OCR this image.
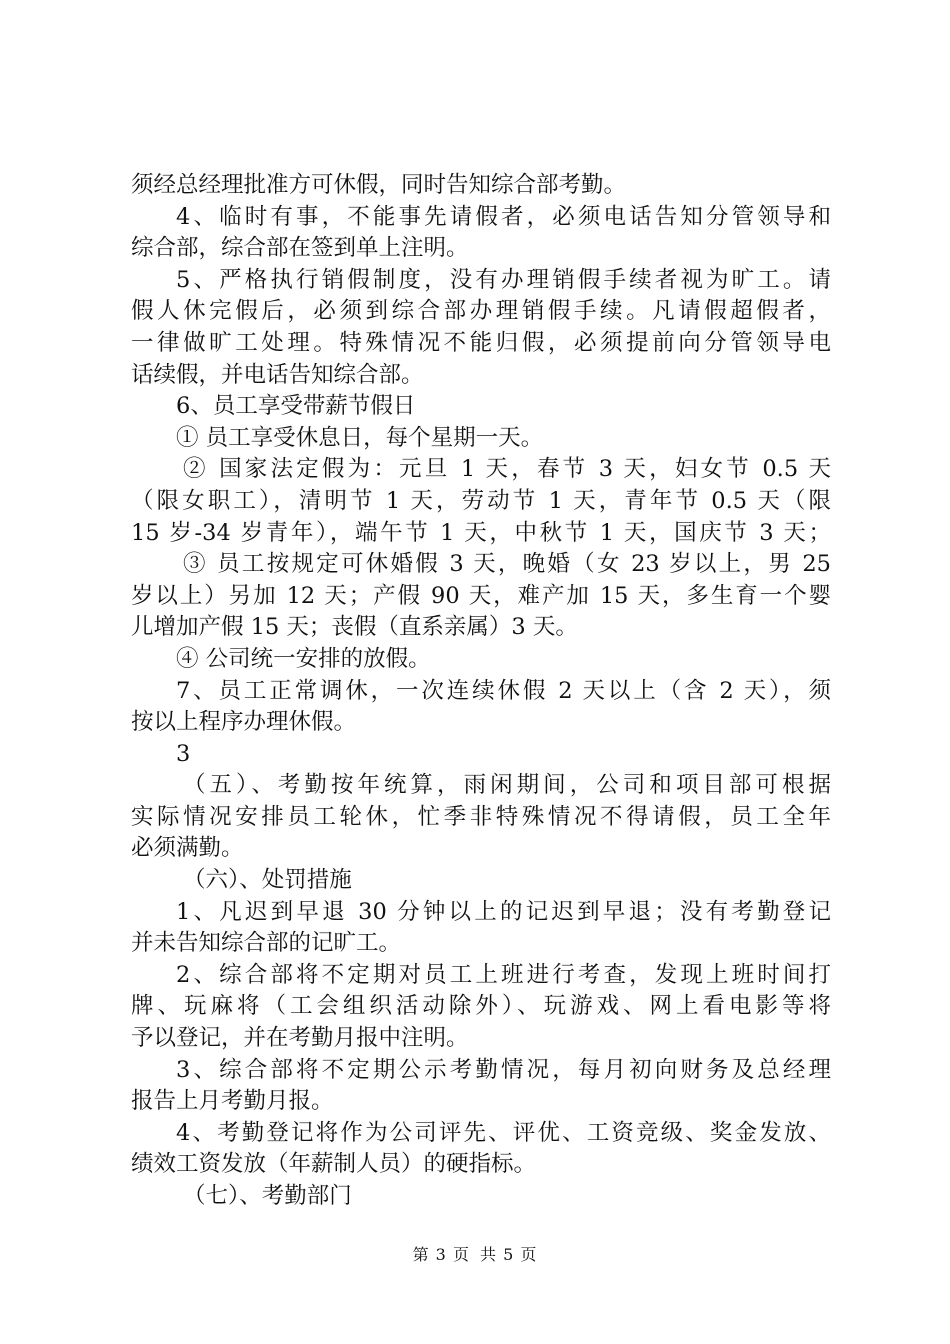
须经总经理批准方可休假，同时告知综合部考勤。
4、临时有事，不能事先请假者，必须电话告知分管领导和
综合部，综合部在签到单上注明。
5、严格执行销假制度，没有办理销假手续者视为旷工。请
假人休完假后，必须到综合部办理销假手续。凡请假超假者，
一律做旷工处理。特殊情况不能归假，必须提前向分管领导电
话续假，并电话告知综合部。
6、员工享受带薪节假日
① 员工享受休息日，每个星期一天。
② 国家法定假为：元旦 1 天，春节 3 天，妇女节 0.5 天
（限女职工），清明节 1 天，劳动节 1 天，青年节 0.5 天（限
15 岁-34 岁青年），端午节 1 天，中秋节 1 天，国庆节 3 天；
③ 员工按规定可休婚假 3 天，晚婚（女 23 岁以上，男 25
岁以上）另加 12 天；产假 90 天，难产加 15 天，多生育一个婴
儿增加产假 15 天；丧假（直系亲属）3 天。
④ 公司统一安排的放假。
7、员工正常调休，一次连续休假 2 天以上（含 2 天），须
按以上程序办理休假。
3
（五）、考勤按年统算，雨闲期间，公司和项目部可根据
实际情况安排员工轮休，忙季非特殊情况不得请假，员工全年
必须满勤。
（六）、处罚措施
1、凡迟到早退 30 分钟以上的记迟到早退；没有考勤登记
并未告知综合部的记旷工。
2、综合部将不定期对员工上班进行考查，发现上班时间打
牌、玩麻将（工会组织活动除外）、玩游戏、网上看电影等将
予以登记，并在考勤月报中注明。
3、综合部将不定期公示考勤情况，每月初向财务及总经理
报告上月考勤月报。
4、考勤登记将作为公司评先、评优、工资竞级、奖金发放、
绩效工资发放（年薪制人员）的硬指标。
（七）、考勤部门
第 3 页 共 5 页
